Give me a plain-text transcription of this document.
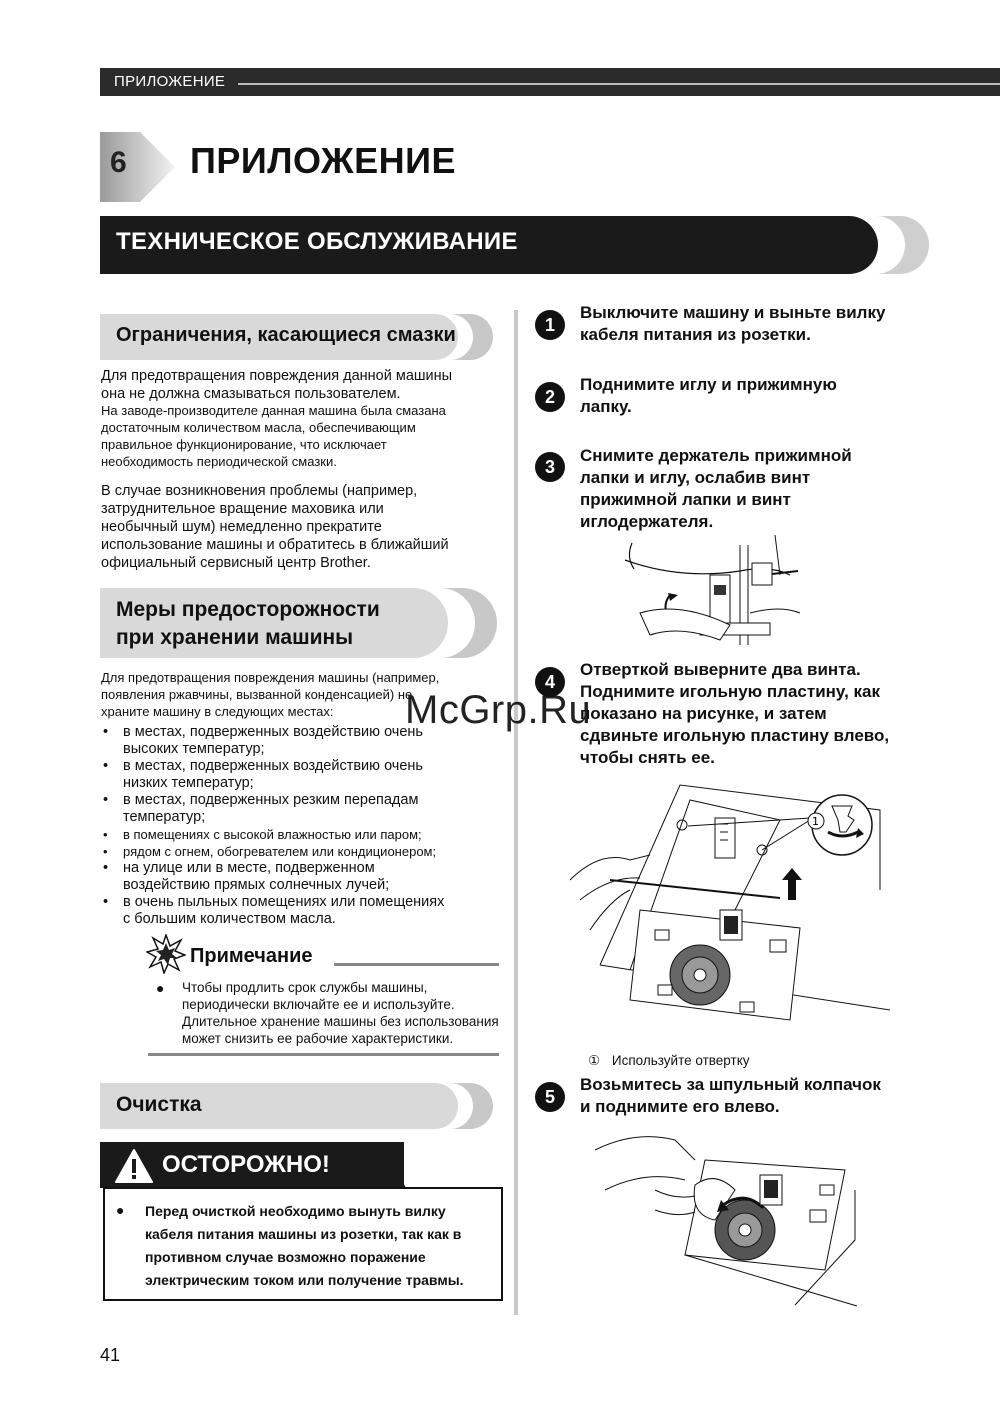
ПРИЛОЖЕНИЕ
6 ПРИЛОЖЕНИЕ
ТЕХНИЧЕСКОЕ ОБСЛУЖИВАНИЕ
Ограничения, касающиеся смазки
Для предотвращения повреждения данной машины
она не должна смазываться пользователем.
На заводе-производителе данная машина была смазана
достаточным количеством масла, обеспечивающим
правильное функционирование, что исключает
необходимость периодической смазки.
В случае возникновения проблемы (например,
затруднительное вращение маховика или
необычный шум) немедленно прекратите
использование машины и обратитесь в ближайший
официальный сервисный центр Brother.
Меры предосторожности
при хранении машины
Для предотвращения повреждения машины (например,
появления ржавчины, вызванной конденсацией) не
храните машину в следующих местах:
• в местах, подверженных воздействию очень
высоких температур;
• в местах, подверженных воздействию очень
низких температур;
• в местах, подверженных резким перепадам
температур;
• в помещениях с высокой влажностью или паром;
• рядом с огнем, обогревателем или кондиционером;
• на улице или в месте, подверженном
воздействию прямых солнечных лучей;
• в очень пыльных помещениях или помещениях
с большим количеством масла.
Примечание
● Чтобы продлить срок службы машины,
периодически включайте ее и используйте.
Длительное хранение машины без использования
может снизить ее рабочие характеристики.
Очистка
ОСТОРОЖНО!
● Перед очисткой необходимо вынуть вилку
кабеля питания машины из розетки, так как в
противном случае возможно поражение
электрическим током или получение травмы.
1
Выключите машину и выньте вилку
кабеля питания из розетки.
2
Поднимите иглу и прижимную
лапку.
3
Снимите держатель прижимной
лапки и иглу, ослабив винт
прижимной лапки и винт
иглодержателя.
4
Отверткой выверните два винта.
Поднимите игольную пластину, как
показано на рисунке, и затем
сдвиньте игольную пластину влево,
чтобы снять ее.
1
① Используйте отвертку
5
Возьмитесь за шпульный колпачок
и поднимите его влево.
McGrp.Ru
41
